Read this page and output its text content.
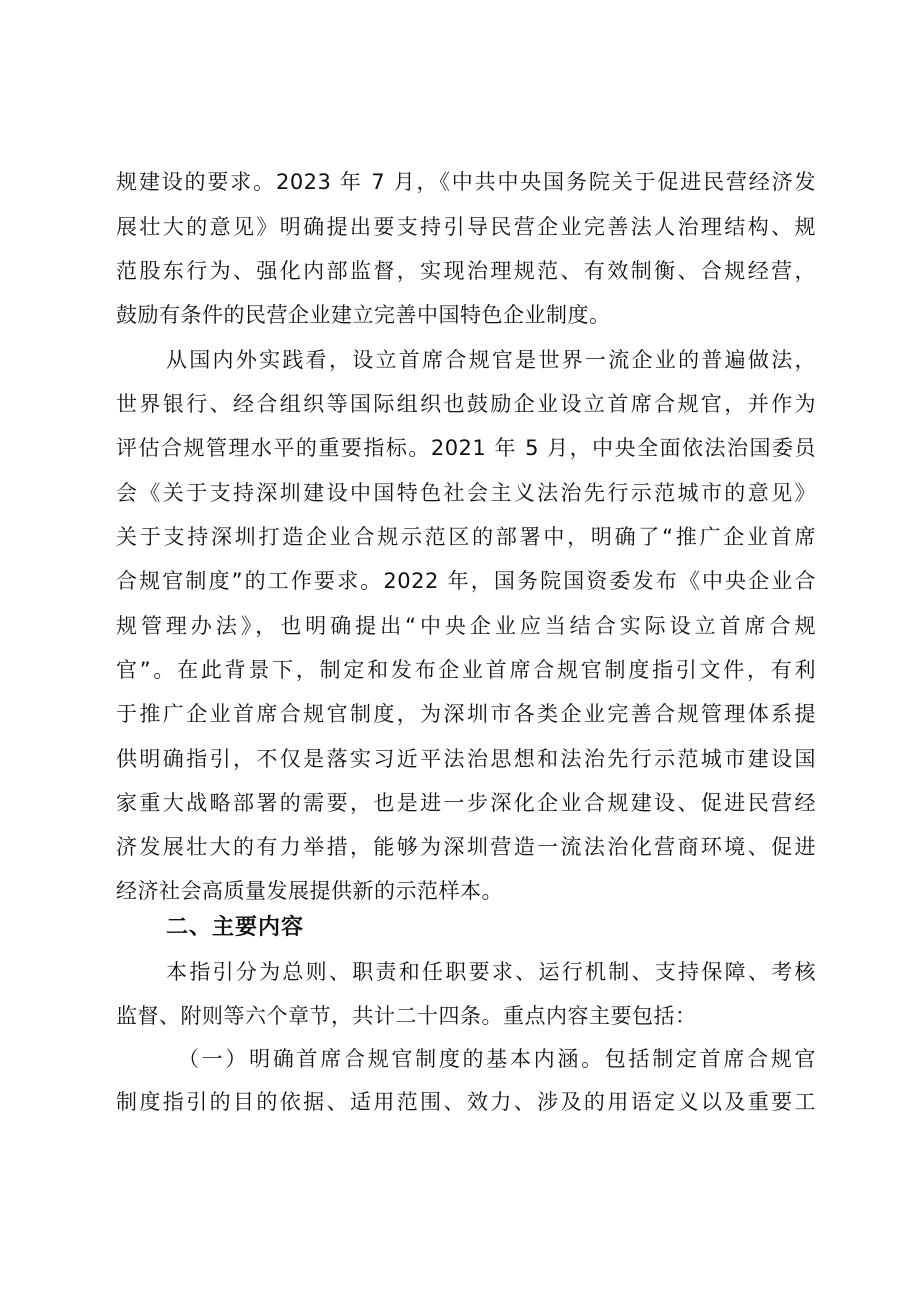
规建设的要求。2023 年 7 月，《中共中央国务院关于促进民营经济发
展壮大的意见》明确提出要支持引导民营企业完善法人治理结构、规
范股东行为、强化内部监督，实现治理规范、有效制衡、合规经营，
鼓励有条件的民营企业建立完善中国特色企业制度。
从国内外实践看，设立首席合规官是世界一流企业的普遍做法，
世界银行、经合组织等国际组织也鼓励企业设立首席合规官，并作为
评估合规管理水平的重要指标。2021 年 5 月，中央全面依法治国委员
会《关于支持深圳建设中国特色社会主义法治先行示范城市的意见》
关于支持深圳打造企业合规示范区的部署中，明确了“推广企业首席
合规官制度”的工作要求。2022 年，国务院国资委发布《中央企业合
规管理办法》，也明确提出“中央企业应当结合实际设立首席合规
官”。在此背景下，制定和发布企业首席合规官制度指引文件，有利
于推广企业首席合规官制度，为深圳市各类企业完善合规管理体系提
供明确指引，不仅是落实习近平法治思想和法治先行示范城市建设国
家重大战略部署的需要，也是进一步深化企业合规建设、促进民营经
济发展壮大的有力举措，能够为深圳营造一流法治化营商环境、促进
经济社会高质量发展提供新的示范样本。
二、主要内容
本指引分为总则、职责和任职要求、运行机制、支持保障、考核
监督、附则等六个章节，共计二十四条。重点内容主要包括：
（一）明确首席合规官制度的基本内涵。包括制定首席合规官
制度指引的目的依据、适用范围、效力、涉及的用语定义以及重要工
